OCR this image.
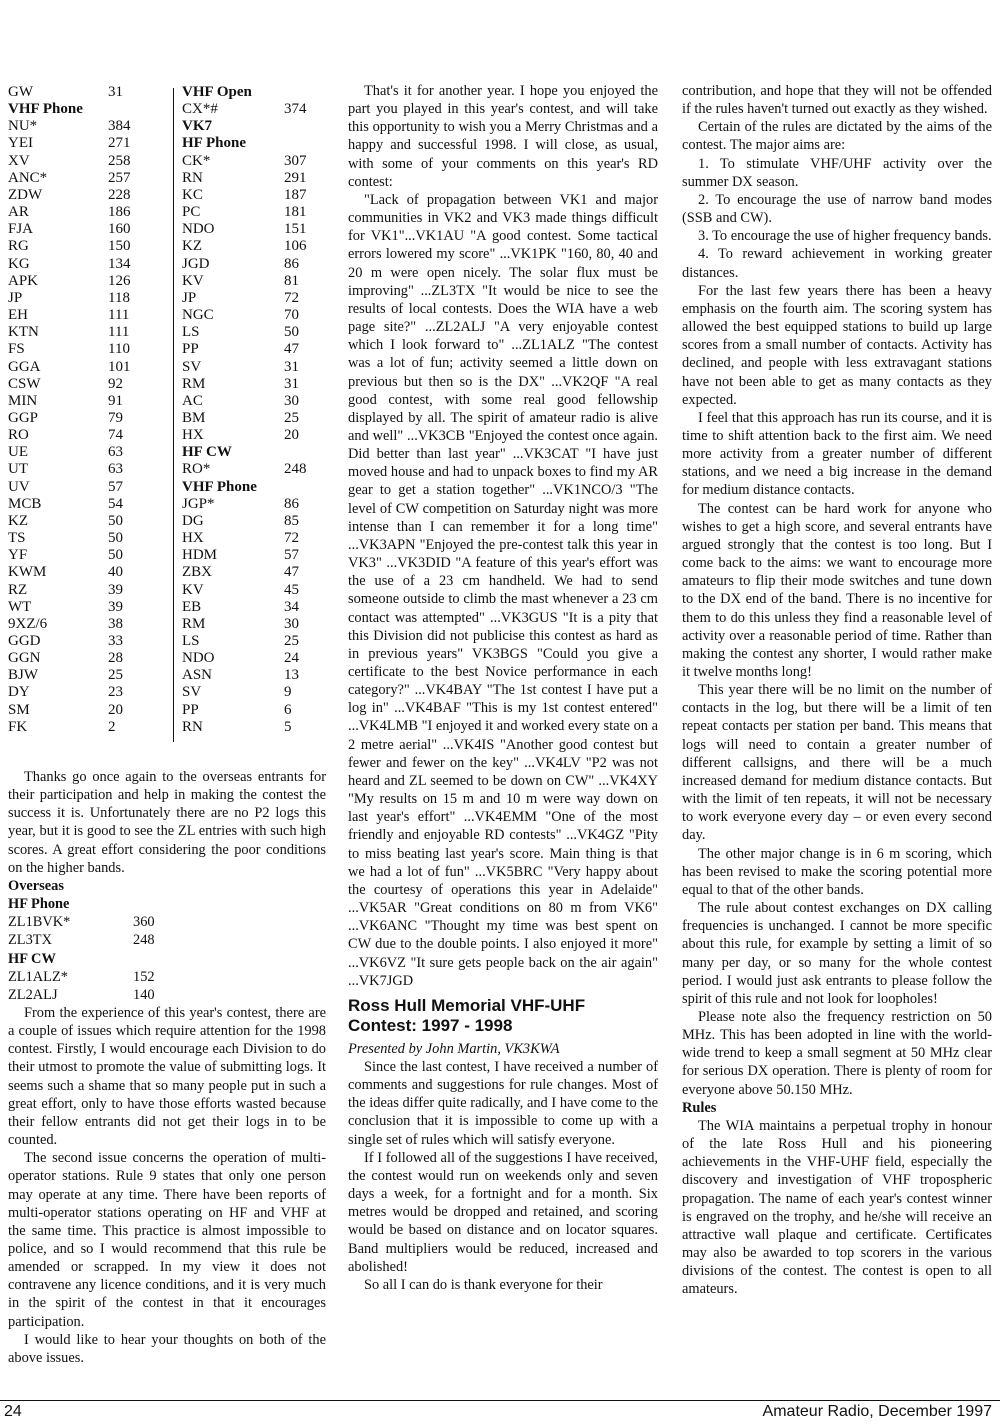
GW	31
VHF Phone
NU*	384
YEI	271
XV	258
ANC*	257
ZDW	228
AR	186
FJA	160
RG	150
KG	134
APK	126
JP	118
EH	111
KTN	111
FS	110
GGA	101
CSW	92
MIN	91
GGP	79
RO	74
UE	63
UT	63
UV	57
MCB	54
KZ	50
TS	50
YF	50
KWM	40
RZ	39
WT	39
9XZ/6	38
GGD	33
GGN	28
BJW	25
DY	23
SM	20
FK	2
VHF Open
CX*#	374
VK7
HF Phone
CK*	307
RN	291
KC	187
PC	181
NDO	151
KZ	106
JGD	86
KV	81
JP	72
NGC	70
LS	50
PP	47
SV	31
RM	31
AC	30
BM	25
HX	20
HF CW
RO*	248
VHF Phone
JGP*	86
DG	85
HX	72
HDM	57
ZBX	47
KV	45
EB	34
RM	30
LS	25
NDO	24
ASN	13
SV	9
PP	6
RN	5

Thanks go once again to the overseas entrants for their participation and help in making the contest the success it is. Unfortunately there are no P2 logs this year, but it is good to see the ZL entries with such high scores. A great effort considering the poor conditions on the higher bands.

Overseas
HF Phone
ZL1BVK*	360
ZL3TX	248
HF CW
ZL1ALZ*	152
ZL2ALJ	140

From the experience of this year's contest, there are a couple of issues which require attention for the 1998 contest. Firstly, I would encourage each Division to do their utmost to promote the value of submitting logs. It seems such a shame that so many people put in such a great effort, only to have those efforts wasted because their fellow entrants did not get their logs in to be counted.

The second issue concerns the operation of multi-operator stations. Rule 9 states that only one person may operate at any time. There have been reports of multi-operator stations operating on HF and VHF at the same time. This practice is almost impossible to police, and so I would recommend that this rule be amended or scrapped. In my view it does not contravene any licence conditions, and it is very much in the spirit of the contest in that it encourages participation.

I would like to hear your thoughts on both of the above issues.

That's it for another year. I hope you enjoyed the part you played in this year's contest, and will take this opportunity to wish you a Merry Christmas and a happy and successful 1998. I will close, as usual, with some of your comments on this year's RD contest:

"Lack of propagation between VK1 and major communities in VK2 and VK3 made things difficult for VK1"...VK1AU "A good contest. Some tactical errors lowered my score" ...VK1PK "160, 80, 40 and 20 m were open nicely. The solar flux must be improving" ...ZL3TX "It would be nice to see the results of local contests. Does the WIA have a web page site?" ...ZL2ALJ "A very enjoyable contest which I look forward to" ...ZL1ALZ "The contest was a lot of fun; activity seemed a little down on previous but then so is the DX" ...VK2QF "A real good contest, with some real good fellowship displayed by all. The spirit of amateur radio is alive and well" ...VK3CB "Enjoyed the contest once again. Did better than last year" ...VK3CAT "I have just moved house and had to unpack boxes to find my AR gear to get a station together" ...VK1NCO/3 "The level of CW competition on Saturday night was more intense than I can remember it for a long time" ...VK3APN "Enjoyed the pre-contest talk this year in VK3" ...VK3DID "A feature of this year's effort was the use of a 23 cm handheld. We had to send someone outside to climb the mast whenever a 23 cm contact was attempted" ...VK3GUS "It is a pity that this Division did not publicise this contest as hard as in previous years" VK3BGS "Could you give a certificate to the best Novice performance in each category?" ...VK4BAY "The 1st contest I have put a log in" ...VK4BAF "This is my 1st contest entered" ...VK4LMB "I enjoyed it and worked every state on a 2 metre aerial" ...VK4IS "Another good contest but fewer and fewer on the key" ...VK4LV "P2 was not heard and ZL seemed to be down on CW" ...VK4XY "My results on 15 m and 10 m were way down on last year's effort" ...VK4EMM "One of the most friendly and enjoyable RD contests" ...VK4GZ "Pity to miss beating last year's score. Main thing is that we had a lot of fun" ...VK5BRC "Very happy about the courtesy of operations this year in Adelaide" ...VK5AR "Great conditions on 80 m from VK6" ...VK6ANC "Thought my time was best spent on CW due to the double points. I also enjoyed it more" ...VK6VZ "It sure gets people back on the air again" ...VK7JGD

Ross Hull Memorial VHF-UHF Contest: 1997 - 1998

Presented by John Martin, VK3KWA

Since the last contest, I have received a number of comments and suggestions for rule changes. Most of the ideas differ quite radically, and I have come to the conclusion that it is impossible to come up with a single set of rules which will satisfy everyone.

If I followed all of the suggestions I have received, the contest would run on weekends only and seven days a week, for a fortnight and for a month. Six metres would be dropped and retained, and scoring would be based on distance and on locator squares. Band multipliers would be reduced, increased and abolished!

So all I can do is thank everyone for their

contribution, and hope that they will not be offended if the rules haven't turned out exactly as they wished.

Certain of the rules are dictated by the aims of the contest. The major aims are:

1. To stimulate VHF/UHF activity over the summer DX season.

2. To encourage the use of narrow band modes (SSB and CW).

3. To encourage the use of higher frequency bands.

4. To reward achievement in working greater distances.

For the last few years there has been a heavy emphasis on the fourth aim. The scoring system has allowed the best equipped stations to build up large scores from a small number of contacts. Activity has declined, and people with less extravagant stations have not been able to get as many contacts as they expected.

I feel that this approach has run its course, and it is time to shift attention back to the first aim. We need more activity from a greater number of different stations, and we need a big increase in the demand for medium distance contacts.

The contest can be hard work for anyone who wishes to get a high score, and several entrants have argued strongly that the contest is too long. But I come back to the aims: we want to encourage more amateurs to flip their mode switches and tune down to the DX end of the band. There is no incentive for them to do this unless they find a reasonable level of activity over a reasonable period of time. Rather than making the contest any shorter, I would rather make it twelve months long!

This year there will be no limit on the number of contacts in the log, but there will be a limit of ten repeat contacts per station per band. This means that logs will need to contain a greater number of different callsigns, and there will be a much increased demand for medium distance contacts. But with the limit of ten repeats, it will not be necessary to work everyone every day – or even every second day.

The other major change is in 6 m scoring, which has been revised to make the scoring potential more equal to that of the other bands.

The rule about contest exchanges on DX calling frequencies is unchanged. I cannot be more specific about this rule, for example by setting a limit of so many per day, or so many for the whole contest period. I would just ask entrants to please follow the spirit of this rule and not look for loopholes!

Please note also the frequency restriction on 50 MHz. This has been adopted in line with the world-wide trend to keep a small segment at 50 MHz clear for serious DX operation. There is plenty of room for everyone above 50.150 MHz.

Rules

The WIA maintains a perpetual trophy in honour of the late Ross Hull and his pioneering achievements in the VHF-UHF field, especially the discovery and investigation of VHF tropospheric propagation. The name of each year's contest winner is engraved on the trophy, and he/she will receive an attractive wall plaque and certificate. Certificates may also be awarded to top scorers in the various divisions of the contest. The contest is open to all amateurs.

24	Amateur Radio, December 1997
